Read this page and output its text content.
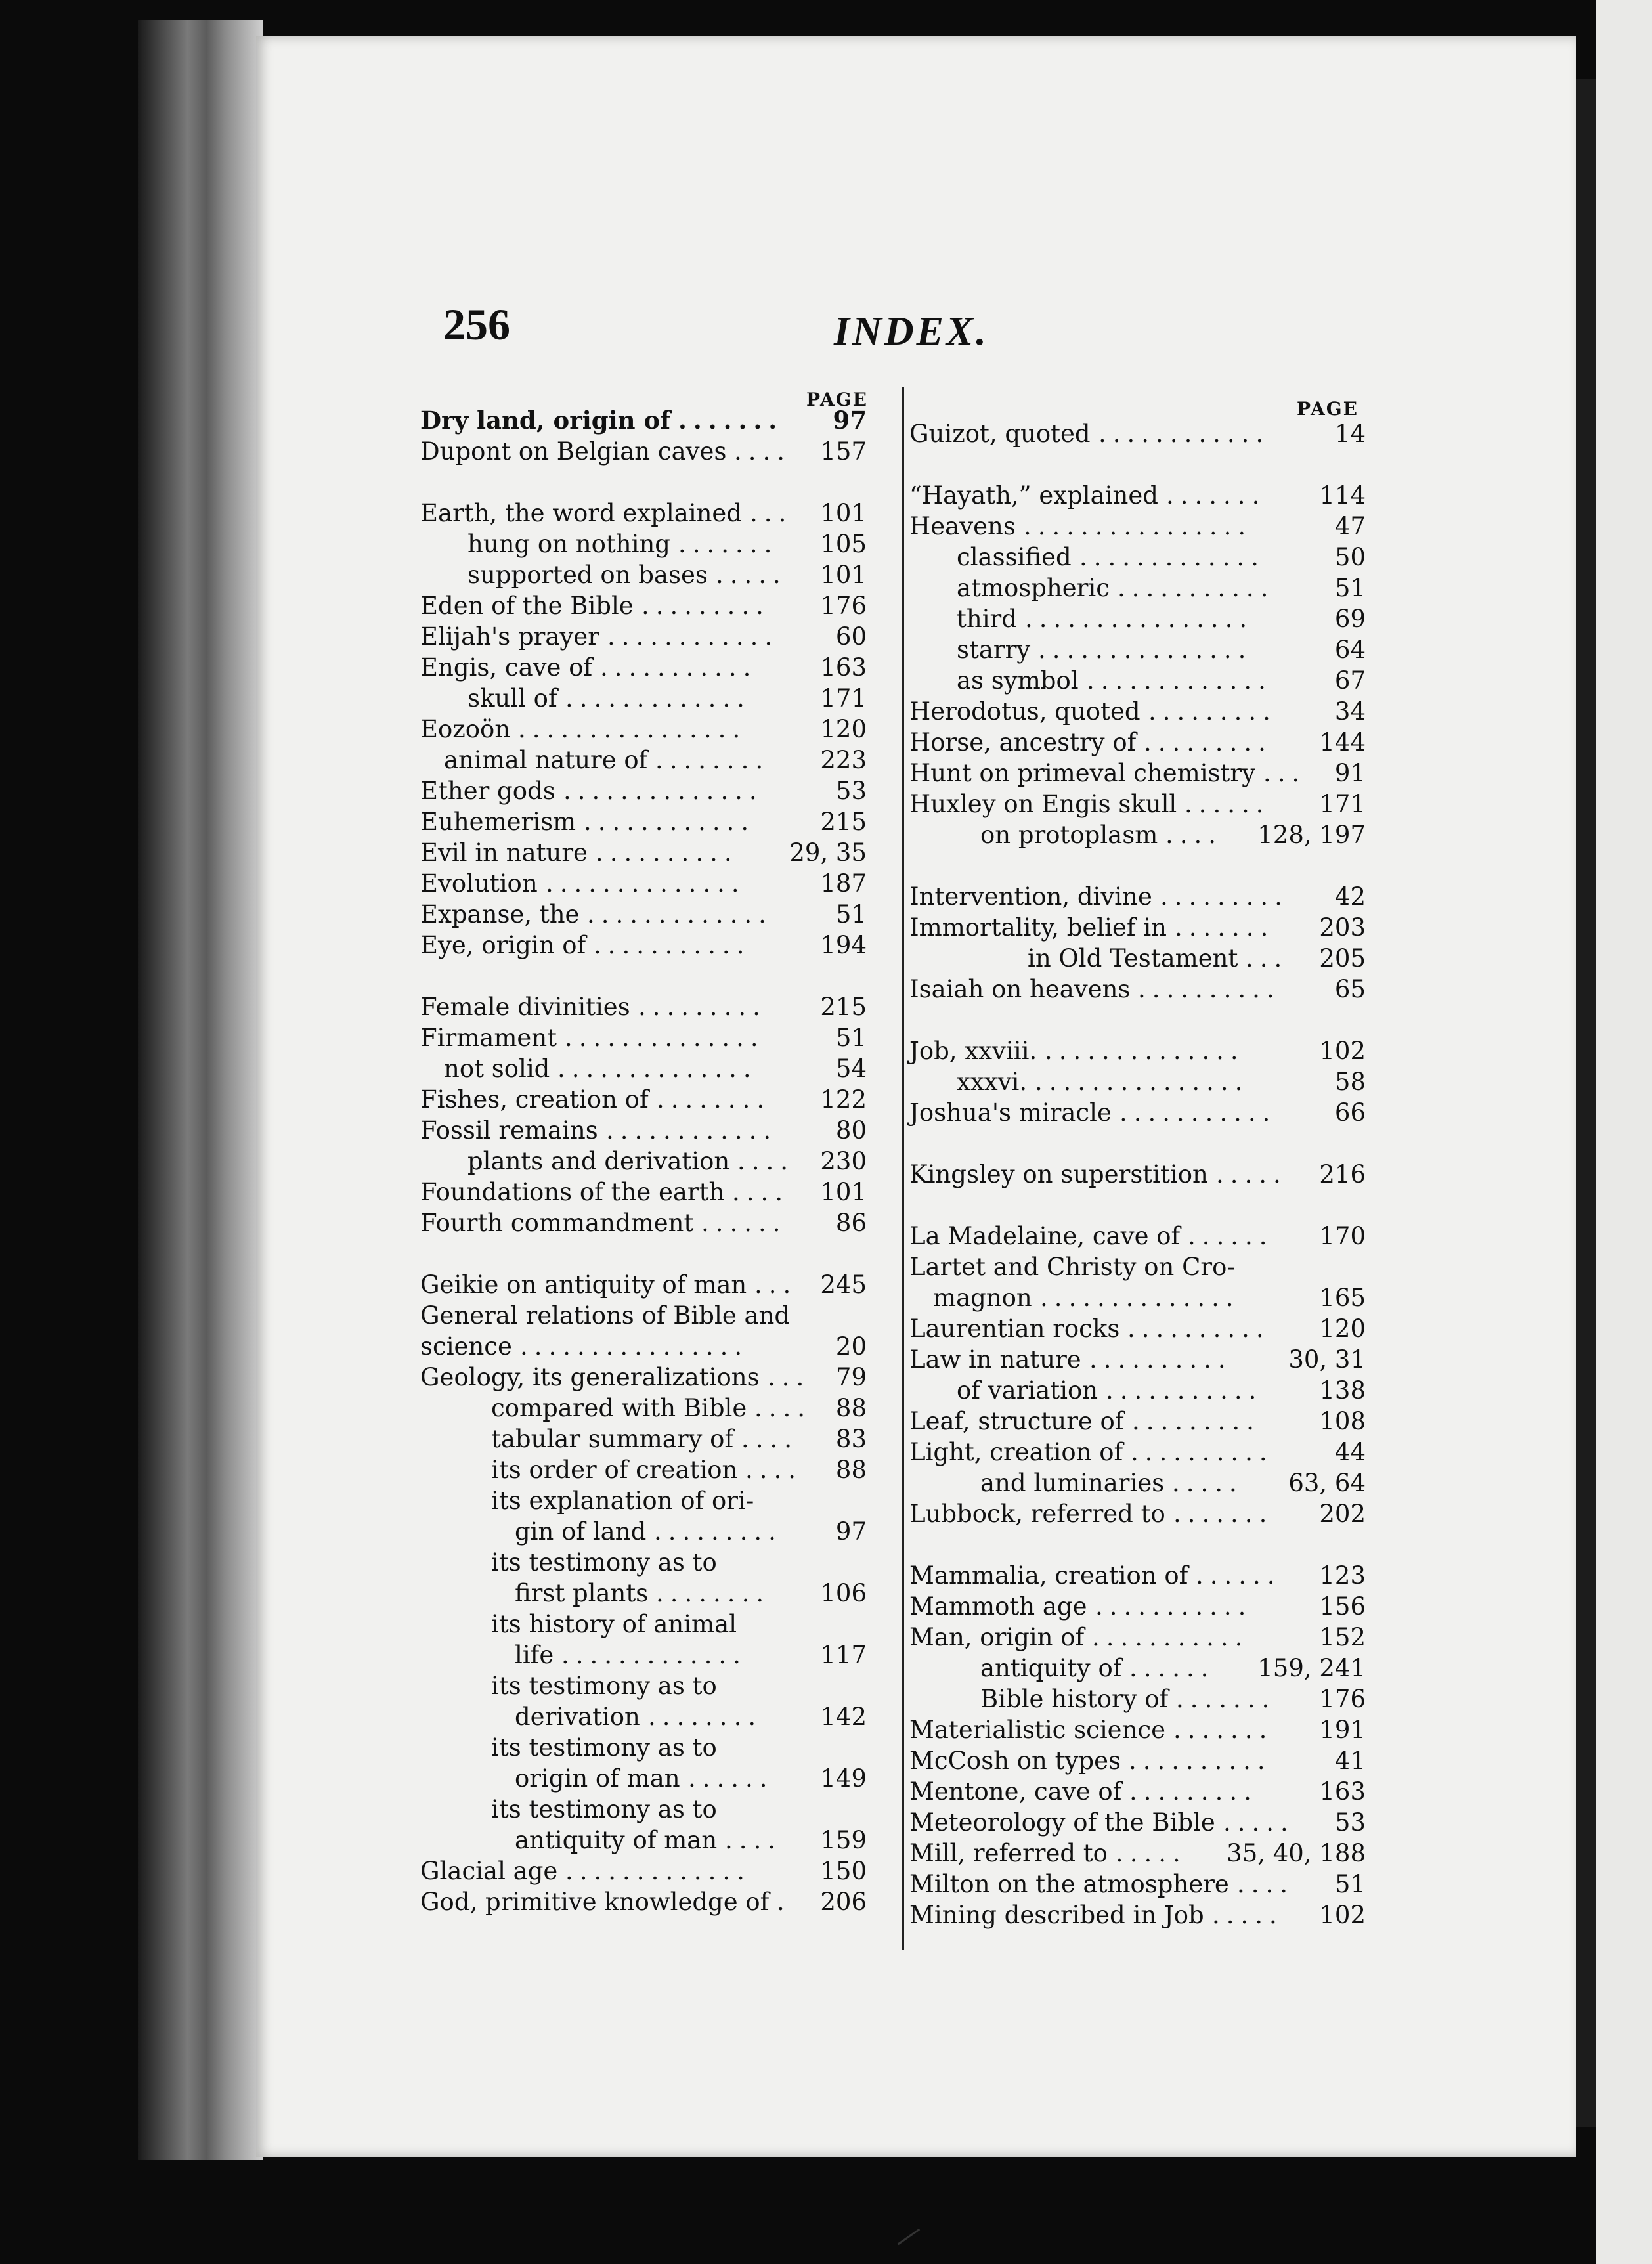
256	INDEX.
PAGE	PAGE
Dry land, origin of	97
.......
Dupont on Belgian caves	157
....
Earth, the word explained	101
...
hung on nothing	105
.......
supported on bases	101
.....
Eden of the Bible	176
.........
Elijah's prayer	60
............
Engis, cave of	163
...........
skull of	171
.............
Eozoön	120
................
animal nature of	223
........
Ether gods	53
..............
Euhemerism	215
............
Evil in nature	29, 35
..........
Evolution	187
..............
Expanse, the	51
.............
Eye, origin of	194
...........
Female divinities	215
.........
Firmament	51
..............
not solid	54
..............
Fishes, creation of	122
........
Fossil remains	80
............
plants and derivation	230
....
Foundations of the earth	101
....
Fourth commandment	86
......
Geikie on antiquity of man	245
...
General relations of Bible and
science	20
................
Geology, its generalizations	79
...
compared with Bible	88
....
tabular summary of	83
....
its order of creation	88
....
its explanation of ori-
gin of land	97
.........
its testimony as to
first plants	106
........
its history of animal
life	117
.............
its testimony as to
derivation	142
........
its testimony as to
origin of man	149
......
its testimony as to
antiquity of man	159
....
Glacial age	150
.............
God, primitive knowledge of 206
.
Guizot, quoted	14
............
“Hayath,” explained	114
.......
Heavens	47
................
classified	50
.............
atmospheric	51
...........
third	69
................
starry	64
...............
as symbol	67
.............
Herodotus, quoted	34
.........
Horse, ancestry of	144
.........
Hunt on primeval chemistry	91
...
Huxley on Engis skull	171
......
on protoplasm	128, 197
....
Intervention, divine	42
.........
Immortality, belief in	203
.......
in Old Testament	205
...
Isaiah on heavens	65
..........
Job, xxviii.	102
..............
xxxvi.	58
...............
Joshua's miracle	66
...........
Kingsley on superstition	216
.....
La Madelaine, cave of	170
......
Lartet and Christy on Cro-
magnon	165
..............
Laurentian rocks	120
..........
Law in nature	30, 31
..........
of variation	138
...........
Leaf, structure of	108
.........
Light, creation of	44
..........
and luminaries	63, 64
.....
Lubbock, referred to	202
.......
Mammalia, creation of	123
......
Mammoth age	156
...........
Man, origin of	152
...........
antiquity of	159, 241
......
Bible history of	176
.......
Materialistic science	191
.......
McCosh on types	41
..........
Mentone, cave of	163
.........
Meteorology of the Bible	53
.....
Mill, referred to	35, 40, 188
.....
Milton on the atmosphere	51
....
Mining described in Job	102
.....
